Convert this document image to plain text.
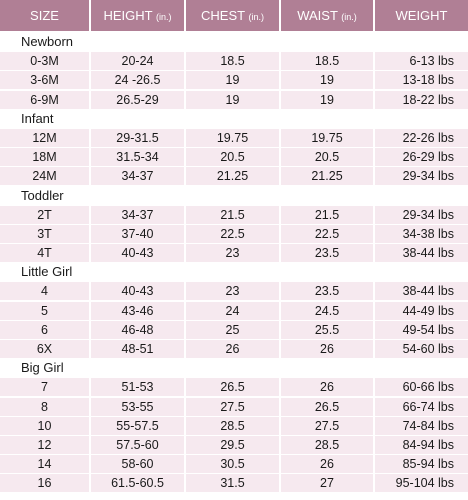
SIZE	HEIGHT (in.)	CHEST (in.)	WAIST (in.)	WEIGHT
Newborn
0-3M	20-24	18.5	18.5	6-13 lbs
3-6M	24 -26.5	19	19	13-18 lbs
6-9M	26.5-29	19	19	18-22 lbs
Infant
12M	29-31.5	19.75	19.75	22-26 lbs
18M	31.5-34	20.5	20.5	26-29 lbs
24M	34-37	21.25	21.25	29-34 lbs
Toddler
2T	34-37	21.5	21.5	29-34 lbs
3T	37-40	22.5	22.5	34-38 lbs
4T	40-43	23	23.5	38-44 lbs
Little Girl
4	40-43	23	23.5	38-44 lbs
5	43-46	24	24.5	44-49 lbs
6	46-48	25	25.5	49-54 lbs
6X	48-51	26	26	54-60 lbs
Big Girl
7	51-53	26.5	26	60-66 lbs
8	53-55	27.5	26.5	66-74 lbs
10	55-57.5	28.5	27.5	74-84 lbs
12	57.5-60	29.5	28.5	84-94 lbs
14	58-60	30.5	26	85-94 lbs
16	61.5-60.5	31.5	27	95-104 lbs
